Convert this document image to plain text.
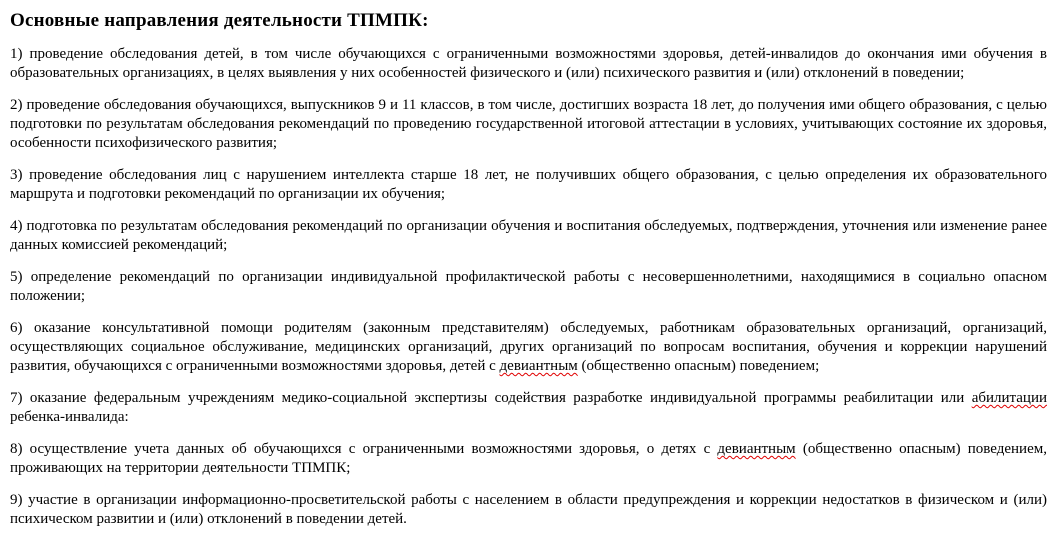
Основные направления деятельности ТПМПК:

1) проведение обследования детей, в том числе обучающихся с ограниченными возможностями здоровья, детей-инвалидов до окончания ими обучения в образовательных организациях, в целях выявления у них особенностей физического и (или) психического развития и (или) отклонений в поведении;

2) проведение обследования обучающихся, выпускников 9 и 11 классов, в том числе, достигших возраста 18 лет, до получения ими общего образования, с целью подготовки по результатам обследования рекомендаций по проведению государственной итоговой аттестации в условиях, учитывающих состояние их здоровья, особенности психофизического развития;

3) проведение обследования лиц с нарушением интеллекта старше 18 лет, не получивших общего образования, с целью определения их образовательного маршрута и подготовки рекомендаций по организации их обучения;

4) подготовка по результатам обследования рекомендаций по организации обучения и воспитания обследуемых, подтверждения, уточнения или изменение ранее данных комиссией рекомендаций;

5) определение рекомендаций по организации индивидуальной профилактической работы с несовершеннолетними, находящимися в социально опасном положении;

6) оказание консультативной помощи родителям (законным представителям) обследуемых, работникам образовательных организаций, организаций, осуществляющих социальное обслуживание, медицинских организаций, других организаций по вопросам воспитания, обучения и коррекции нарушений развития, обучающихся с ограниченными возможностями здоровья, детей с девиантным (общественно опасным) поведением;

7) оказание федеральным учреждениям медико-социальной экспертизы содействия разработке индивидуальной программы реабилитации или абилитации ребенка-инвалида:

8) осуществление учета данных об обучающихся с ограниченными возможностями здоровья, о детях с девиантным (общественно опасным) поведением, проживающих на территории деятельности ТПМПК;

9) участие в организации информационно-просветительской работы с населением в области предупреждения и коррекции недостатков в физическом и (или) психическом развитии и (или) отклонений в поведении детей.
